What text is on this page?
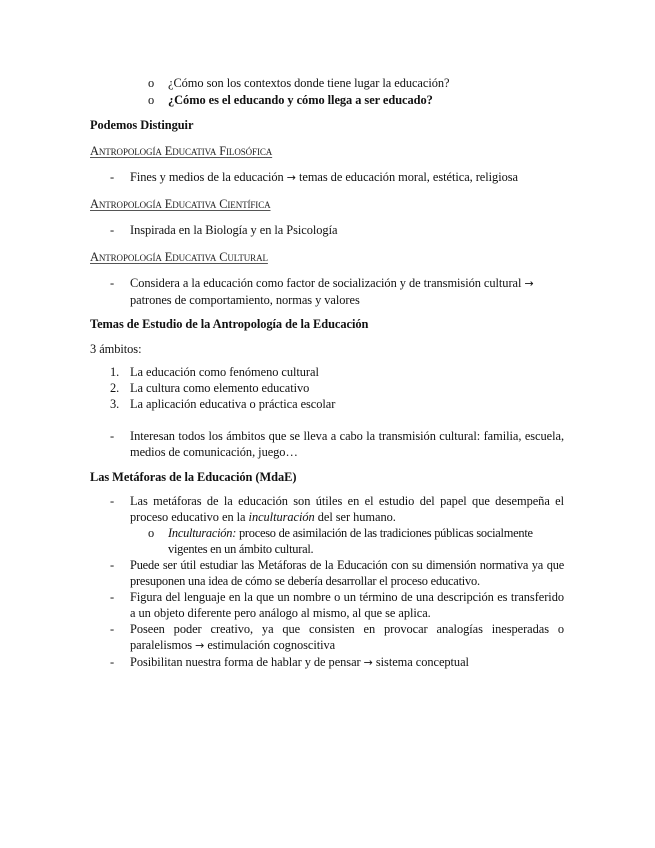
o ¿Cómo son los contextos donde tiene lugar la educación?
o ¿Cómo es el educando y cómo llega a ser educado?
Podemos Distinguir
Antropología Educativa Filosófica
- Fines y medios de la educación → temas de educación moral, estética, religiosa
Antropología Educativa Científica
- Inspirada en la Biología y en la Psicología
Antropología Educativa Cultural
- Considera a la educación como factor de socialización y de transmisión cultural →
patrones de comportamiento, normas y valores
Temas de Estudio de la Antropología de la Educación
3 ámbitos:
1. La educación como fenómeno cultural
2. La cultura como elemento educativo
3. La aplicación educativa o práctica escolar
- Interesan todos los ámbitos que se lleva a cabo la transmisión cultural: familia, escuela, medios de comunicación, juego…
Las Metáforas de la Educación (MdaE)
- Las metáforas de la educación son útiles en el estudio del papel que desempeña el proceso educativo en la inculturación del ser humano.
o Inculturación: proceso de asimilación de las tradiciones públicas socialmente vigentes en un ámbito cultural.
- Puede ser útil estudiar las Metáforas de la Educación con su dimensión normativa ya que presuponen una idea de cómo se debería desarrollar el proceso educativo.
- Figura del lenguaje en la que un nombre o un término de una descripción es transferido a un objeto diferente pero análogo al mismo, al que se aplica.
- Poseen poder creativo, ya que consisten en provocar analogías inesperadas o paralelismos → estimulación cognoscitiva
- Posibilitan nuestra forma de hablar y de pensar → sistema conceptual
